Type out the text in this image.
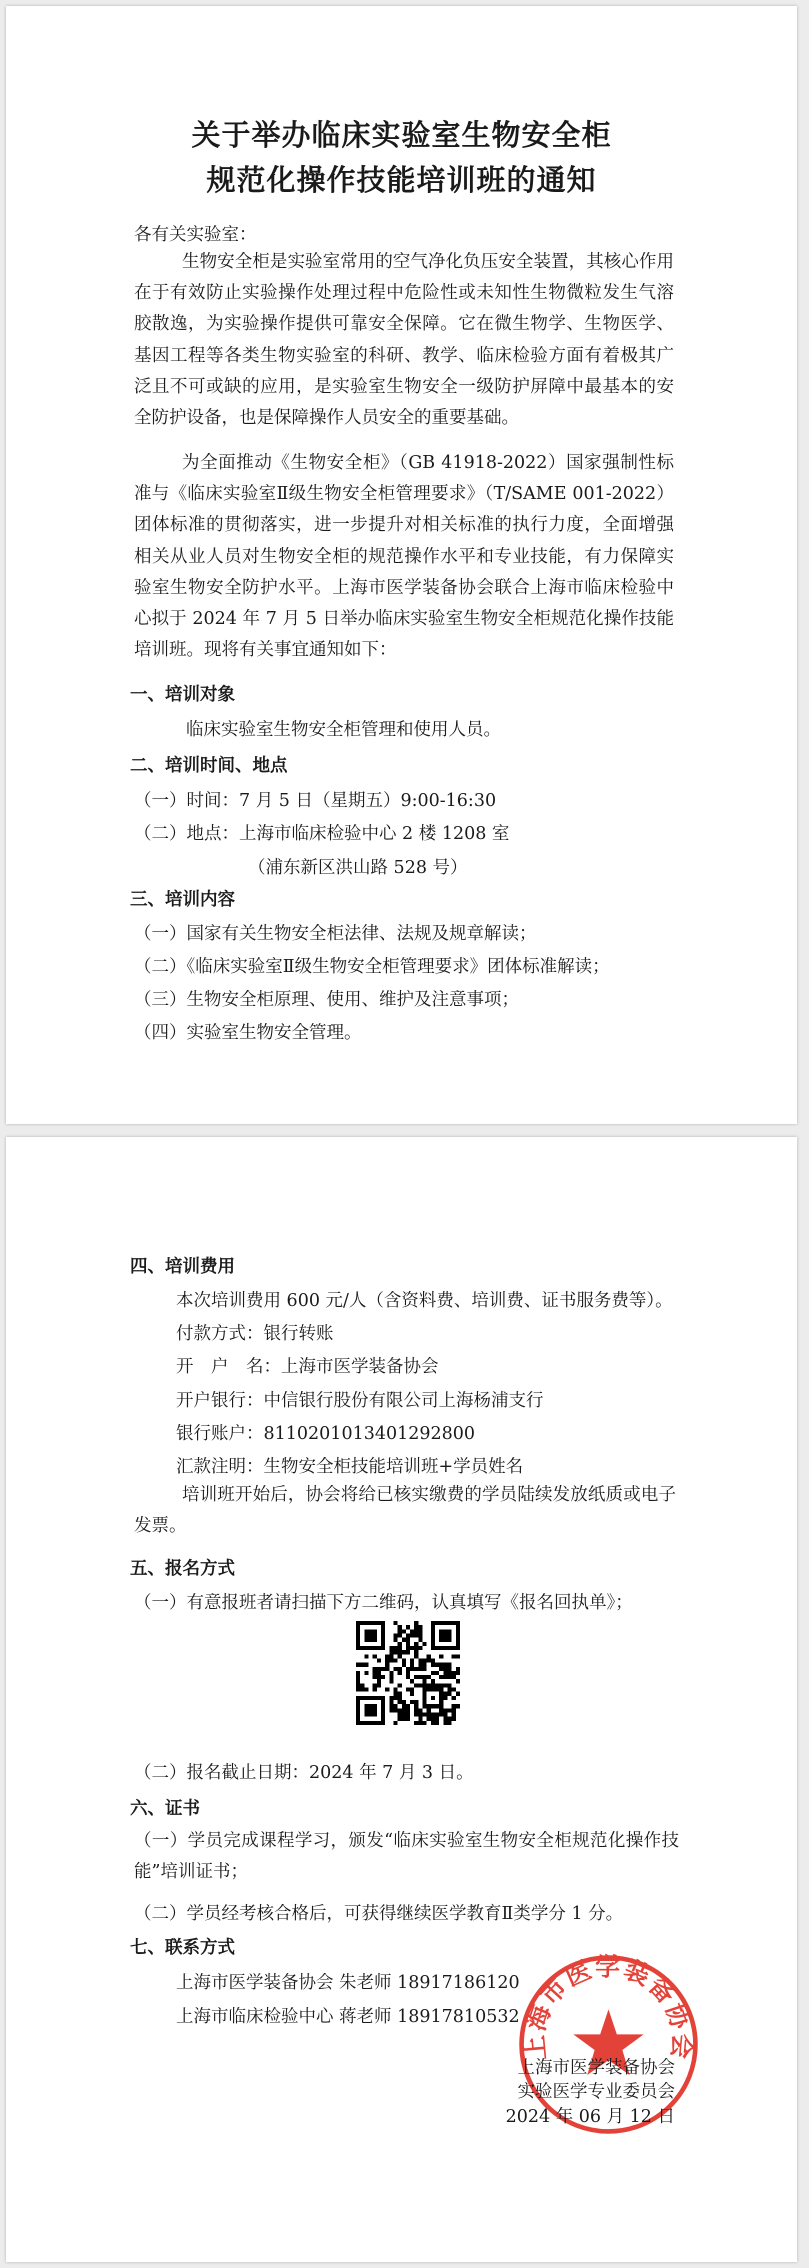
关于举办临床实验室生物安全柜
规范化操作技能培训班的通知

各有关实验室：

生物安全柜是实验室常用的空气净化负压安全装置，其核心作用在于有效防止实验操作处理过程中危险性或未知性生物微粒发生气溶胶散逸，为实验操作提供可靠安全保障。它在微生物学、生物医学、基因工程等各类生物实验室的科研、教学、临床检验方面有着极其广泛且不可或缺的应用，是实验室生物安全一级防护屏障中最基本的安全防护设备，也是保障操作人员安全的重要基础。

为全面推动《生物安全柜》（GB 41918-2022）国家强制性标准与《临床实验室Ⅱ级生物安全柜管理要求》（T/SAME 001-2022）团体标准的贯彻落实，进一步提升对相关标准的执行力度，全面增强相关从业人员对生物安全柜的规范操作水平和专业技能，有力保障实验室生物安全防护水平。上海市医学装备协会联合上海市临床检验中心拟于 2024 年 7 月 5 日举办临床实验室生物安全柜规范化操作技能培训班。现将有关事宜通知如下：

一、培训对象

临床实验室生物安全柜管理和使用人员。

二、培训时间、地点

（一）时间：7 月 5 日（星期五）9:00-16:30

（二）地点：上海市临床检验中心 2 楼 1208 室

（浦东新区洪山路 528 号）

三、培训内容

（一）国家有关生物安全柜法律、法规及规章解读；

（二）《临床实验室Ⅱ级生物安全柜管理要求》团体标准解读；

（三）生物安全柜原理、使用、维护及注意事项；

（四）实验室生物安全管理。

四、培训费用

本次培训费用 600 元/人（含资料费、培训费、证书服务费等）。

付款方式：银行转账

开　户　名：上海市医学装备协会

开户银行：中信银行股份有限公司上海杨浦支行

银行账户：8110201013401292800

汇款注明：生物安全柜技能培训班+学员姓名

培训班开始后，协会将给已核实缴费的学员陆续发放纸质或电子发票。

五、报名方式

（一）有意报班者请扫描下方二维码，认真填写《报名回执单》；

（二）报名截止日期：2024 年 7 月 3 日。

六、证书

（一）学员完成课程学习，颁发“临床实验室生物安全柜规范化操作技能”培训证书；

（二）学员经考核合格后，可获得继续医学教育Ⅱ类学分 1 分。

七、联系方式

上海市医学装备协会 朱老师 18917186120

上海市临床检验中心 蒋老师 18917810532

上海市医学装备协会

上海市医学装备协会

实验医学专业委员会

2024 年 06 月 12 日
